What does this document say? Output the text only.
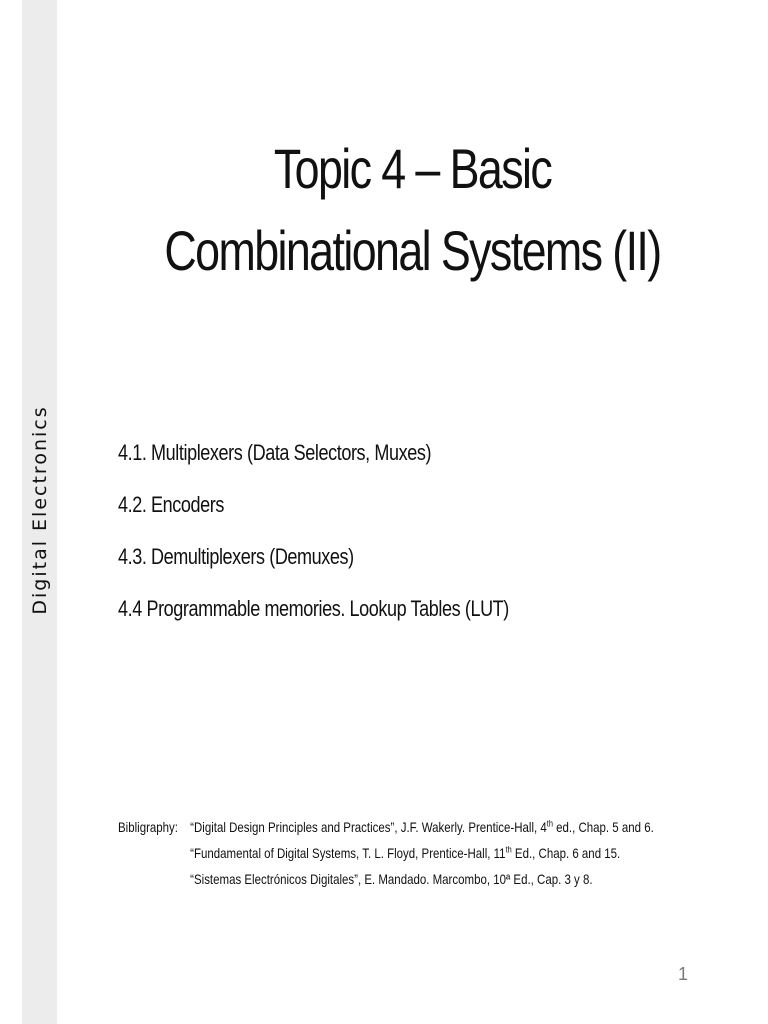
Digital Electronics
Topic 4 – Basic
Combinational Systems (II)
4.1. Multiplexers (Data Selectors, Muxes)
4.2. Encoders
4.3. Demultiplexers (Demuxes)
4.4 Programmable memories. Lookup Tables (LUT)
Bibligraphy: “Digital Design Principles and Practices”, J.F. Wakerly. Prentice-Hall, 4th ed., Chap. 5 and 6.
“Fundamental of Digital Systems, T. L. Floyd, Prentice-Hall, 11th Ed., Chap. 6 and 15.
“Sistemas Electrónicos Digitales”, E. Mandado. Marcombo, 10ª Ed., Cap. 3 y 8.
1
